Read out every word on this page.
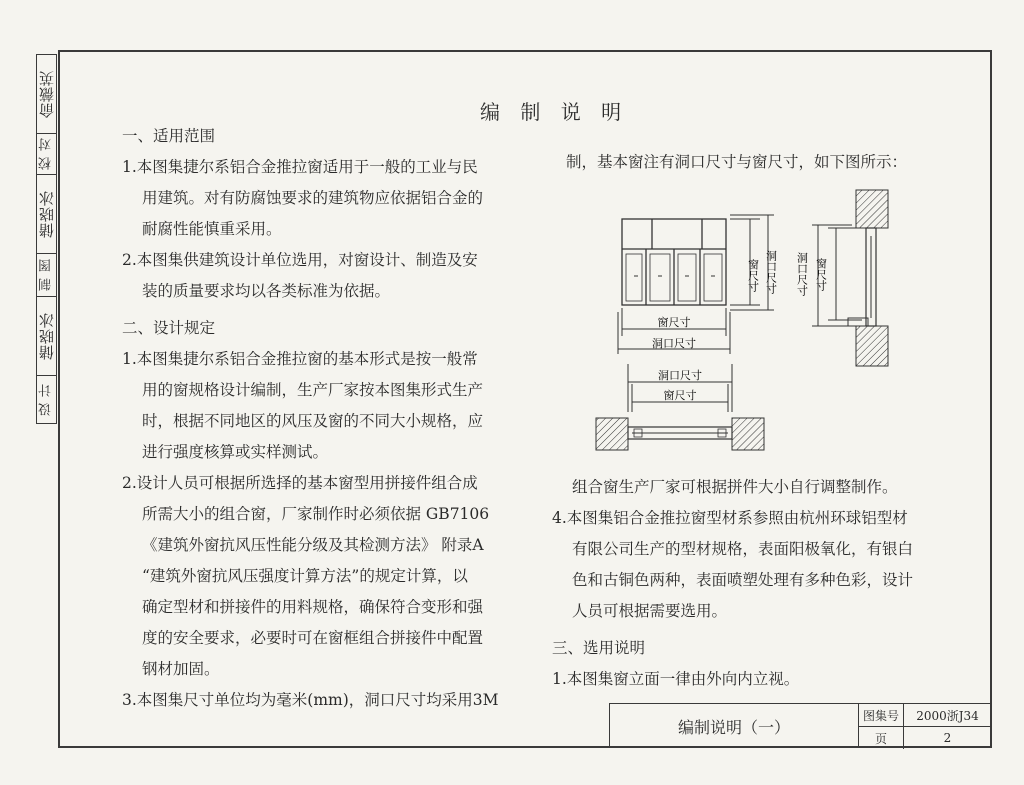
俞薇英
校 对
储晓冰
制 图
储晓冰
设 计
编 制 说 明

一、适用范围

1.本图集捷尔系铝合金推拉窗适用于一般的工业与民

用建筑。对有防腐蚀要求的建筑物应依据铝合金的

耐腐性能慎重采用。

2.本图集供建筑设计单位选用，对窗设计、制造及安

装的质量要求均以各类标准为依据。

二、设计规定

1.本图集捷尔系铝合金推拉窗的基本形式是按一般常

用的窗规格设计编制，生产厂家按本图集形式生产

时，根据不同地区的风压及窗的不同大小规格，应

进行强度核算或实样测试。

2.设计人员可根据所选择的基本窗型用拼接件组合成

所需大小的组合窗，厂家制作时必须依据 GB7106

《建筑外窗抗风压性能分级及其检测方法》 附录A

“建筑外窗抗风压强度计算方法”的规定计算，以

确定型材和拼接件的用料规格，确保符合变形和强

度的安全要求，必要时可在窗框组合拼接件中配置

钢材加固。

3.本图集尺寸单位均为毫米(mm)，洞口尺寸均采用3M

制，基本窗注有洞口尺寸与窗尺寸，如下图所示：

窗尺寸 洞口尺寸
窗尺寸
洞口尺寸
洞口尺寸 窗尺寸
洞口尺寸
窗尺寸

组合窗生产厂家可根据拼件大小自行调整制作。

4.本图集铝合金推拉窗型材系参照由杭州环球铝型材

有限公司生产的型材规格，表面阳极氧化，有银白

色和古铜色两种，表面喷塑处理有多种色彩，设计

人员可根据需要选用。

三、选用说明

1.本图集窗立面一律由外向内立视。

编制说明（一）
图集号	2000浙J34
页	2
